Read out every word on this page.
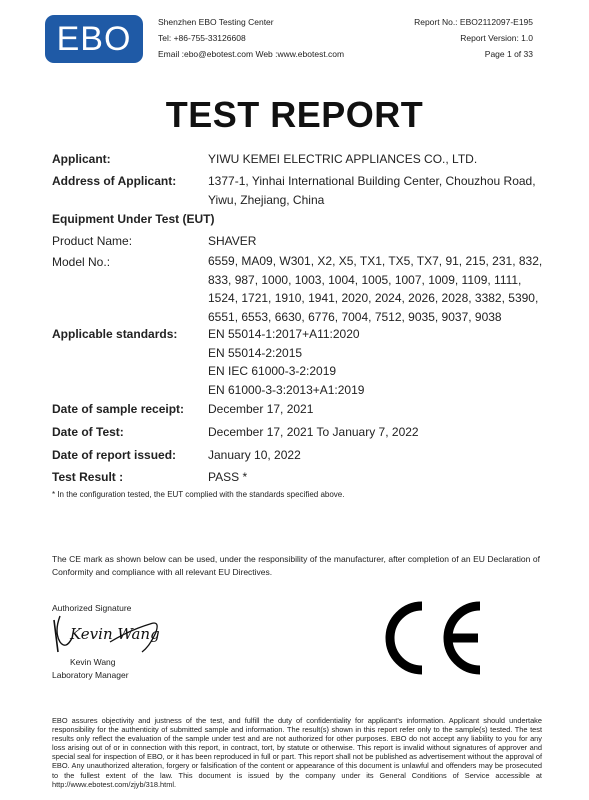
EBO	Shenzhen EBO Testing Center
Tel: +86-755-33126608
Email :ebo@ebotest.com Web :www.ebotest.com
Report No.: EBO2112097-E195
Report Version: 1.0
Page 1 of 33
TEST REPORT
Applicant:	YIWU KEMEI ELECTRIC APPLIANCES CO., LTD.
Address of Applicant:	1377-1, Yinhai International Building Center, Chouzhou Road,
Yiwu, Zhejiang, China
Equipment Under Test (EUT)
Product Name:	SHAVER
Model No.:	6559, MA09, W301, X2, X5, TX1, TX5, TX7, 91, 215, 231, 832,
833, 987, 1000, 1003, 1004, 1005, 1007, 1009, 1109, 1111,
1524, 1721, 1910, 1941, 2020, 2024, 2026, 2028, 3382, 5390,
6551, 6553, 6630, 6776, 7004, 7512, 9035, 9037, 9038
Applicable standards:	EN 55014-1:2017+A11:2020
EN 55014-2:2015
EN IEC 61000-3-2:2019
EN 61000-3-3:2013+A1:2019
Date of sample receipt: December 17, 2021
Date of Test:	December 17, 2021 To January 7, 2022
Date of report issued:	January 10, 2022
Test Result :	PASS *
* In the configuration tested, the EUT complied with the standards specified above.
The CE mark as shown below can be used, under the responsibility of the manufacturer, after completion of an EU Declaration of Conformity and compliance with all relevant EU Directives.
Authorized Signature
Kevin Wang
Kevin Wang
Laboratory Manager
EBO assures objectivity and justness of the test, and fulfill the duty of confidentiality for applicant's information. Applicant should undertake responsibility for the authenticity of submitted sample and information. The result(s) shown in this report refer only to the sample(s) tested. The test results only reflect the evaluation of the sample under test and are not authorized for other purposes. EBO do not accept any liability to you for any loss arising out of or in connection with this report, in contract, tort, by statute or otherwise. This report is invalid without signatures of approver and special seal for inspection of EBO, or it has been reproduced in full or part. This report shall not be published as advertisement without the approval of EBO. Any unauthorized alteration, forgery or falsification of the content or appearance of this document is unlawful and offenders may be prosecuted to the fullest extent of the law. This document is issued by the company under its General Conditions of Service accessible at http://www.ebotest.com/zjyb/318.html.
